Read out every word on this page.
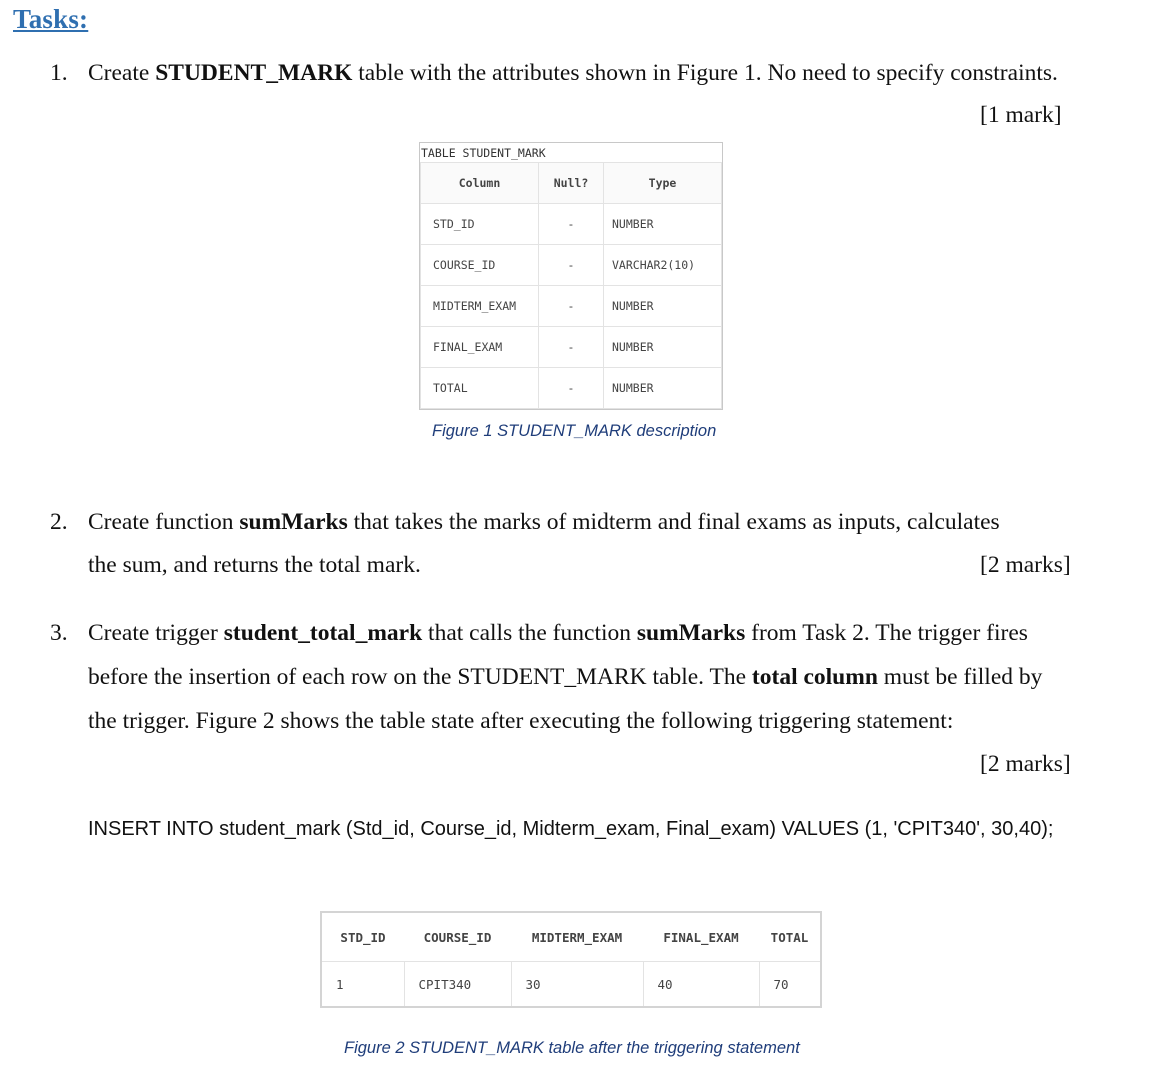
Tasks:
1. Create STUDENT_MARK table with the attributes shown in Figure 1. No need to specify constraints.
[1 mark]
TABLE STUDENT_MARK
Column	Null?	Type
STD_ID	-	NUMBER
COURSE_ID	-	VARCHAR2(10)
MIDTERM_EXAM	-	NUMBER
FINAL_EXAM	-	NUMBER
TOTAL	-	NUMBER
Figure 1 STUDENT_MARK description
2. Create function sumMarks that takes the marks of midterm and final exams as inputs, calculates
the sum, and returns the total mark.	[2 marks]
3. Create trigger student_total_mark that calls the function sumMarks from Task 2. The trigger fires
before the insertion of each row on the STUDENT_MARK table. The total column must be filled by
the trigger. Figure 2 shows the table state after executing the following triggering statement:
[2 marks]
INSERT INTO student_mark (Std_id, Course_id, Midterm_exam, Final_exam) VALUES (1, 'CPIT340', 30,40);
STD_ID	COURSE_ID	MIDTERM_EXAM	FINAL_EXAM	TOTAL
1	CPIT340	30	40	70
Figure 2 STUDENT_MARK table after the triggering statement
